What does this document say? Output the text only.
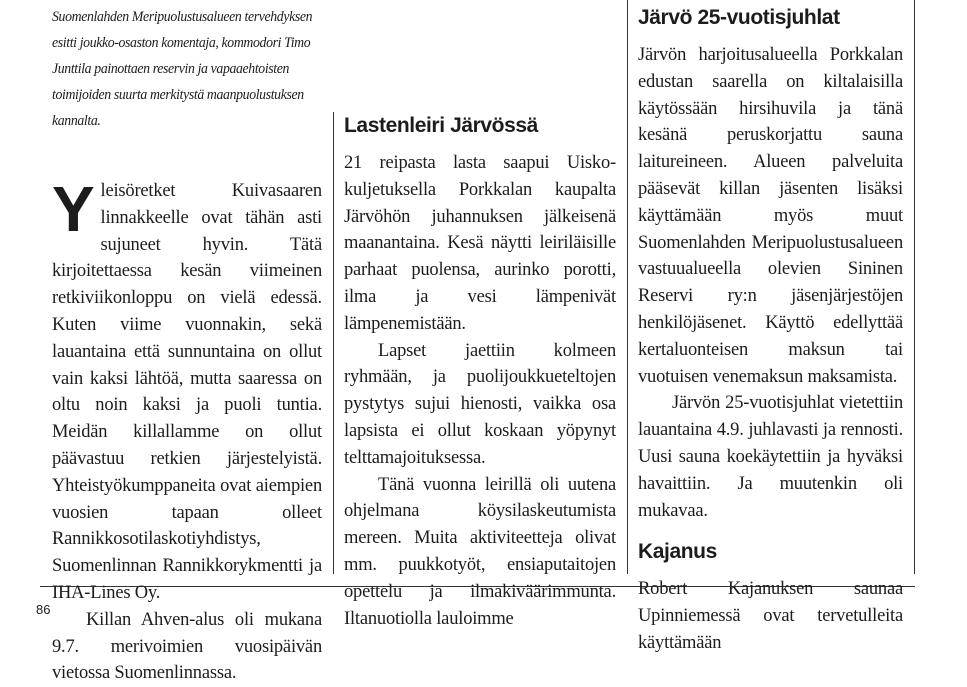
Suomenlahden Meripuolustusalueen tervehdyksen esitti joukko-osaston komentaja, kommodori Timo Junttila painottaen reservin ja vapaaehtoisten toimijoiden suurta merkitystä maanpuolustuksen kannalta.

Yleisöretket Kuivasaaren linnakkeelle ovat tähän asti sujuneet hyvin. Tätä kirjoitettaessa kesän viimeinen retkiviikonloppu on vielä edessä. Kuten viime vuonnakin, sekä lauantaina että sunnuntaina on ollut vain kaksi lähtöä, mutta saaressa on oltu noin kaksi ja puoli tuntia. Meidän killallamme on ollut päävastuu retkien järjestelyistä. Yhteistyökumppaneita ovat aiempien vuosien tapaan olleet Rannikkosotilaskotiyhdistys, Suomenlinnan Rannikkorykmentti ja IHA-Lines Oy.

Killan Ahven-alus oli mukana 9.7. merivoimien vuosipäivän vietossa Suomenlinnassa.

Lastenleiri Järvössä

21 reipasta lasta saapui Uisko-kuljetuksella Porkkalan kaupalta Järvöhön juhannuksen jälkeisenä maanantaina. Kesä näytti leiriläisille parhaat puolensa, aurinko porotti, ilma ja vesi lämpenivät lämpenemistään.

Lapset jaettiin kolmeen ryhmään, ja puolijoukkueteltojen pystytys sujui hienosti, vaikka osa lapsista ei ollut koskaan yöpynyt telttamajoituksessa.

Tänä vuonna leirillä oli uutena ohjelmana köysilaskeutumista mereen. Muita aktiviteetteja olivat mm. puukkotyöt, ensiaputaitojen opettelu ja ilmakiväärimmunta. Iltanuotiolla lauloimme

Järvö 25-vuotisjuhlat

Järvön harjoitusalueella Porkkalan edustan saarella on kiltalaisilla käytössään hirsihuvila ja tänä kesänä peruskorjattu sauna laitureineen. Alueen palveluita pääsevät killan jäsenten lisäksi käyttämään myös muut Suomenlahden Meripuolustusalueen vastuualueella olevien Sininen Reservi ry:n jäsenjärjestöjen henkilöjäsenet. Käyttö edellyttää kertaluonteisen maksun tai vuotuisen venemaksun maksamista.

Järvön 25-vuotisjuhlat vietettiin lauantaina 4.9. juhlavasti ja rennosti. Uusi sauna koekäytettiin ja hyväksi havaittiin. Ja muutenkin oli mukavaa.

Kajanus

Robert Kajanuksen saunaa Upinniemessä ovat tervetulleita käyttämään

86
